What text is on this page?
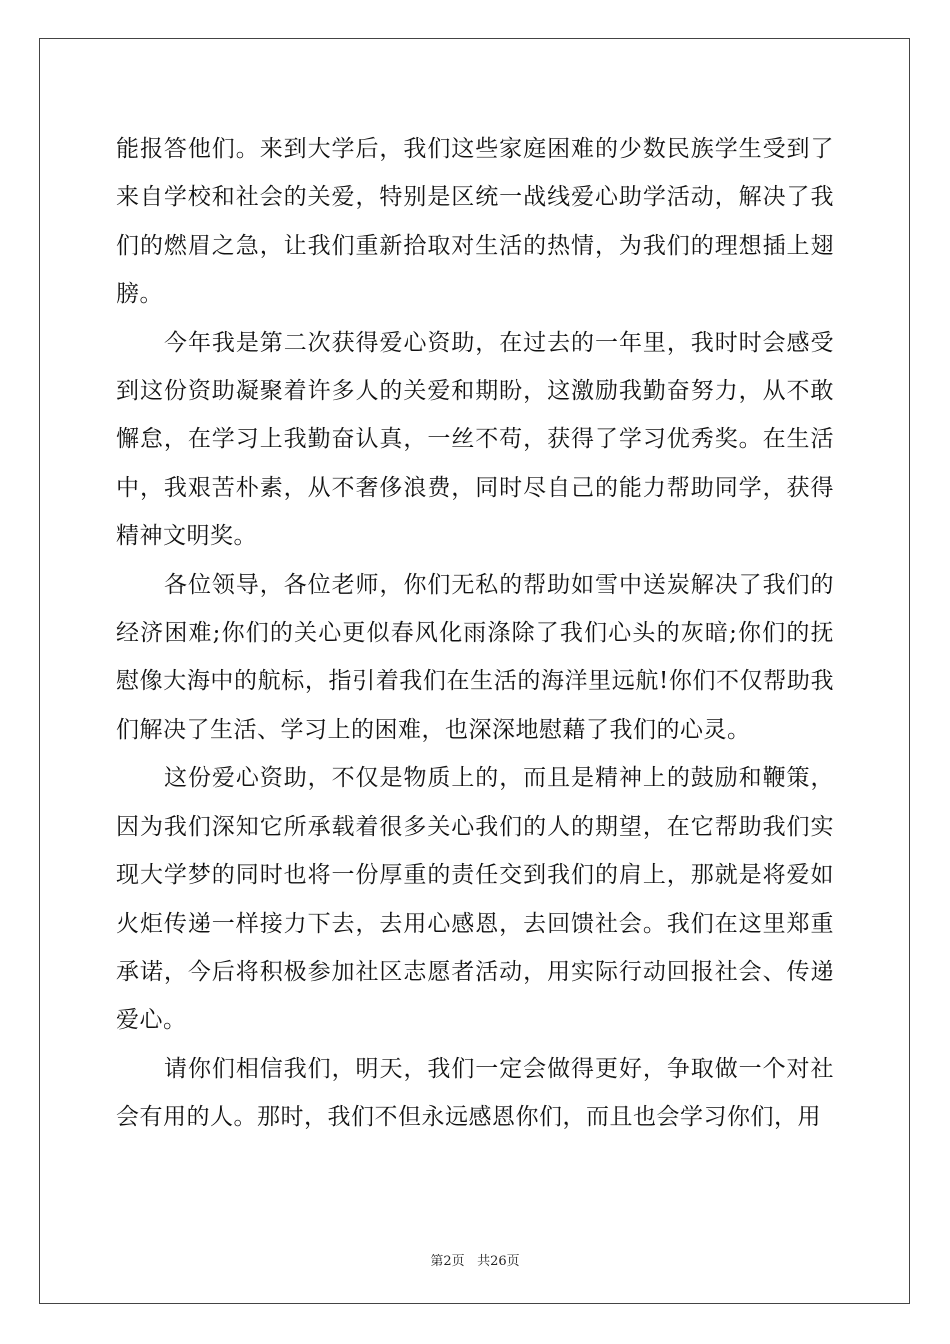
能报答他们。来到大学后，我们这些家庭困难的少数民族学生受到了来自学校和社会的关爱，特别是区统一战线爱心助学活动，解决了我们的燃眉之急，让我们重新拾取对生活的热情，为我们的理想插上翅膀。

今年我是第二次获得爱心资助，在过去的一年里，我时时会感受到这份资助凝聚着许多人的关爱和期盼，这激励我勤奋努力，从不敢懈怠，在学习上我勤奋认真，一丝不苟，获得了学习优秀奖。在生活中，我艰苦朴素，从不奢侈浪费，同时尽自己的能力帮助同学，获得精神文明奖。

各位领导，各位老师，你们无私的帮助如雪中送炭解决了我们的经济困难;你们的关心更似春风化雨涤除了我们心头的灰暗;你们的抚慰像大海中的航标，指引着我们在生活的海洋里远航!你们不仅帮助我们解决了生活、学习上的困难，也深深地慰藉了我们的心灵。

这份爱心资助，不仅是物质上的，而且是精神上的鼓励和鞭策，因为我们深知它所承载着很多关心我们的人的期望，在它帮助我们实现大学梦的同时也将一份厚重的责任交到我们的肩上，那就是将爱如火炬传递一样接力下去，去用心感恩，去回馈社会。我们在这里郑重承诺，今后将积极参加社区志愿者活动，用实际行动回报社会、传递爱心。

请你们相信我们，明天，我们一定会做得更好，争取做一个对社会有用的人。那时，我们不但永远感恩你们，而且也会学习你们，用

第2页 共26页
